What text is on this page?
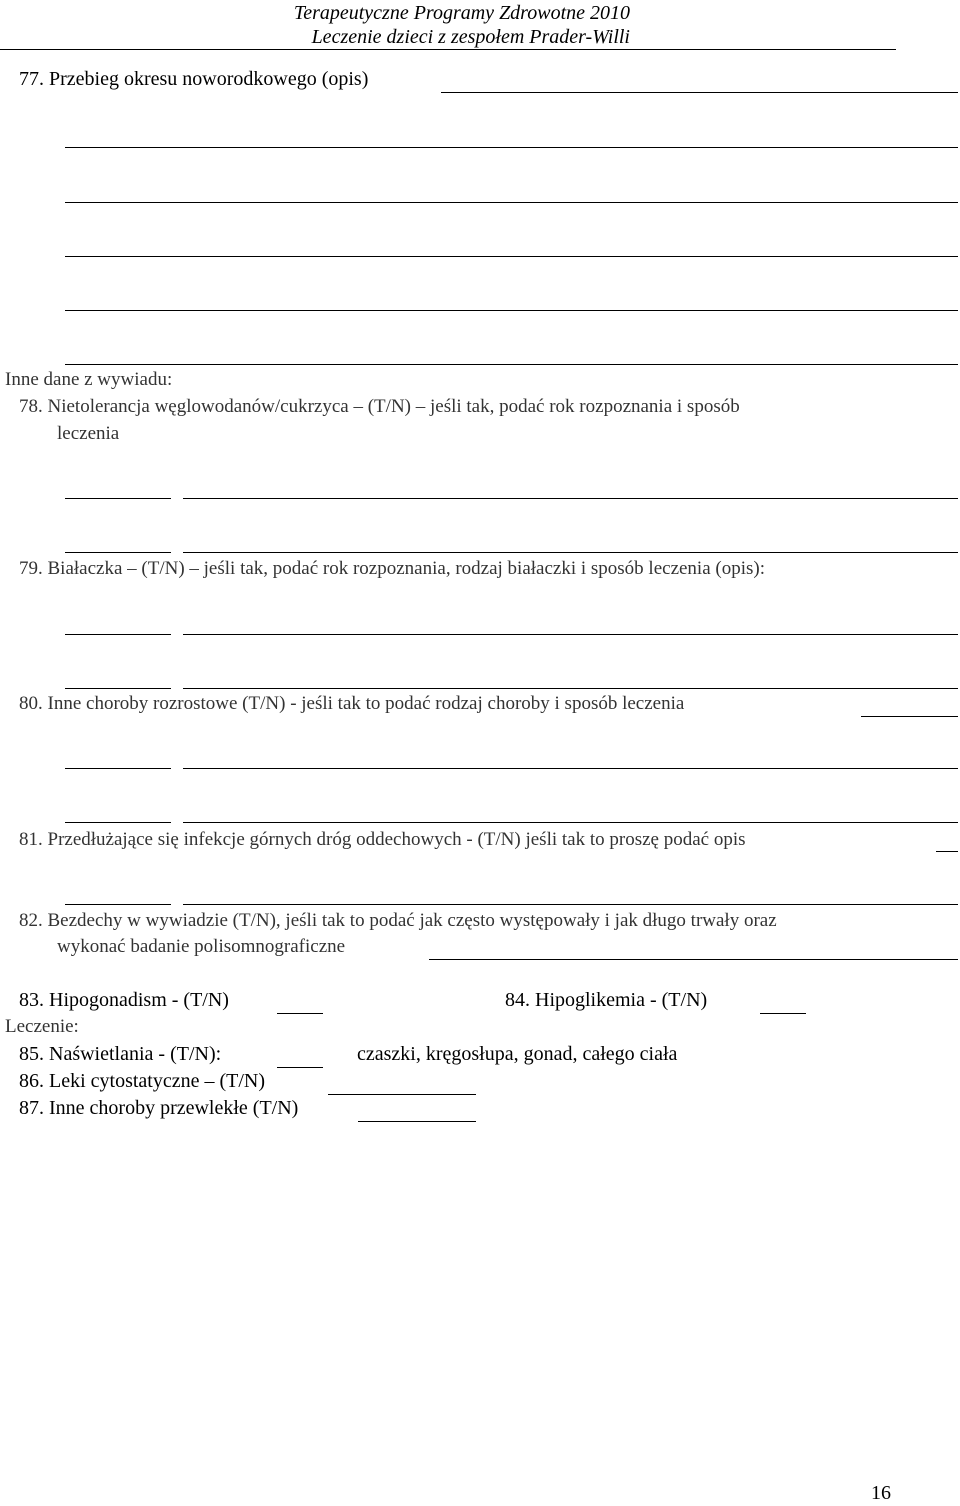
Terapeutyczne Programy Zdrowotne 2010
Leczenie dzieci z zespołem Prader-Willi
77. Przebieg okresu noworodkowego (opis)
Inne dane z wywiadu:
78. Nietolerancja węglowodanów/cukrzyca – (T/N) – jeśli tak, podać rok rozpoznania i sposób
leczenia
79. Białaczka – (T/N) – jeśli tak, podać rok rozpoznania, rodzaj białaczki i sposób leczenia (opis):
80. Inne choroby rozrostowe (T/N) - jeśli tak to podać rodzaj choroby i sposób leczenia
81. Przedłużające się infekcje górnych dróg oddechowych - (T/N) jeśli tak to proszę podać opis
82. Bezdechy w wywiadzie (T/N), jeśli tak to podać jak często występowały i jak długo trwały oraz
wykonać badanie polisomnograficzne
83. Hipogonadism - (T/N)	84. Hipoglikemia - (T/N)
Leczenie:
85. Naświetlania - (T/N):	czaszki, kręgosłupa, gonad, całego ciała
86. Leki cytostatyczne – (T/N)
87. Inne choroby przewlekłe (T/N)
16
